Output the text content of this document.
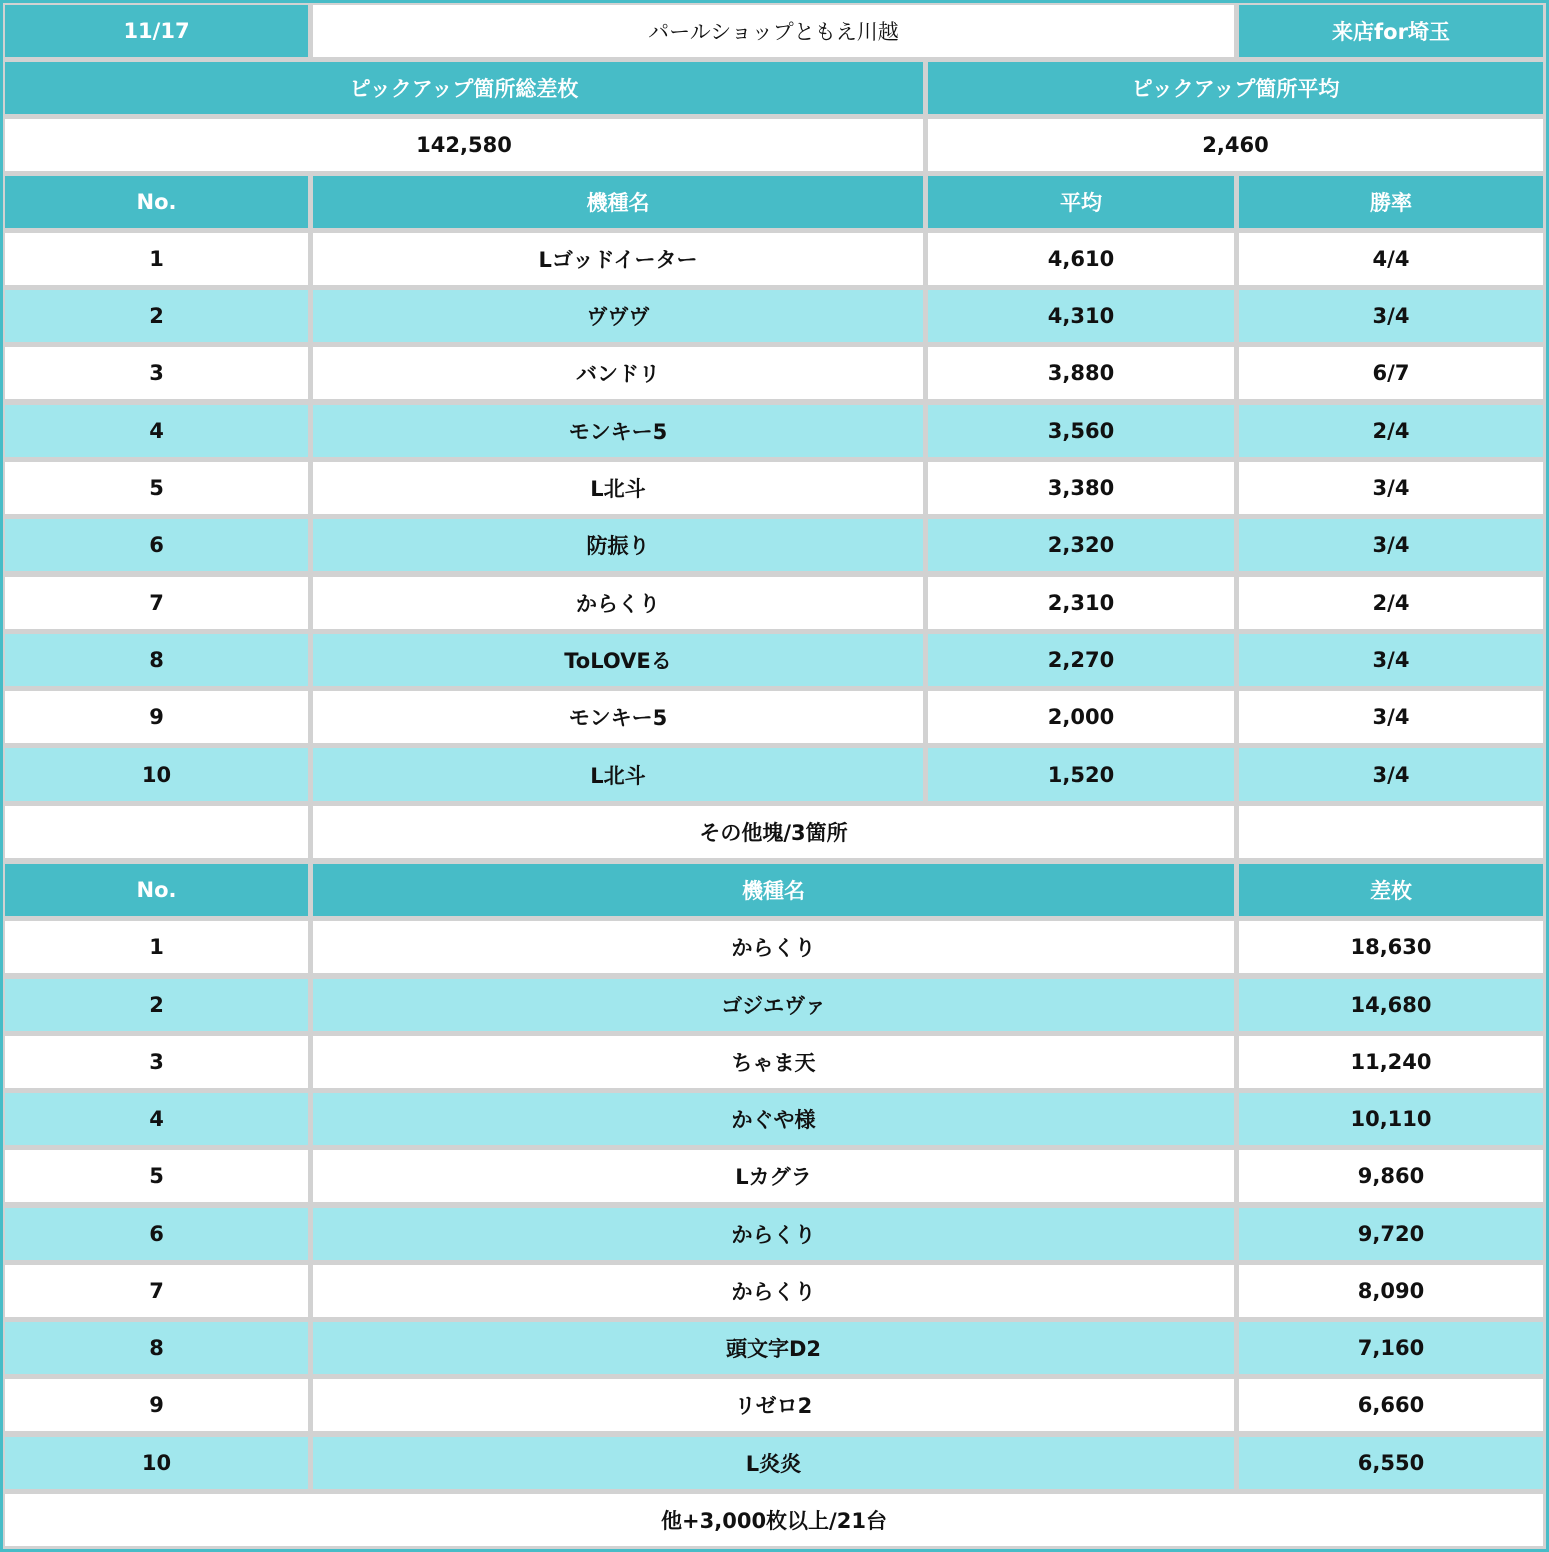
11/17	パールショップともえ川越	来店for埼玉
ピックアップ箇所総差枚	ピックアップ箇所平均
142,580	2,460
No.	機種名	平均	勝率
1	Lゴッドイーター	4,610	4/4
2	ヴヴヴ	4,310	3/4
3	バンドリ	3,880	6/7
4	モンキー5	3,560	2/4
5	L北斗	3,380	3/4
6	防振り	2,320	3/4
7	からくり	2,310	2/4
8	ToLOVEる	2,270	3/4
9	モンキー5	2,000	3/4
10	L北斗	1,520	3/4
その他塊/3箇所
No.	機種名	差枚
1	からくり	18,630
2	ゴジエヴァ	14,680
3	ちゃま天	11,240
4	かぐや様	10,110
5	Lカグラ	9,860
6	からくり	9,720
7	からくり	8,090
8	頭文字D2	7,160
9	リゼロ2	6,660
10	L炎炎	6,550
他+3,000枚以上/21台
